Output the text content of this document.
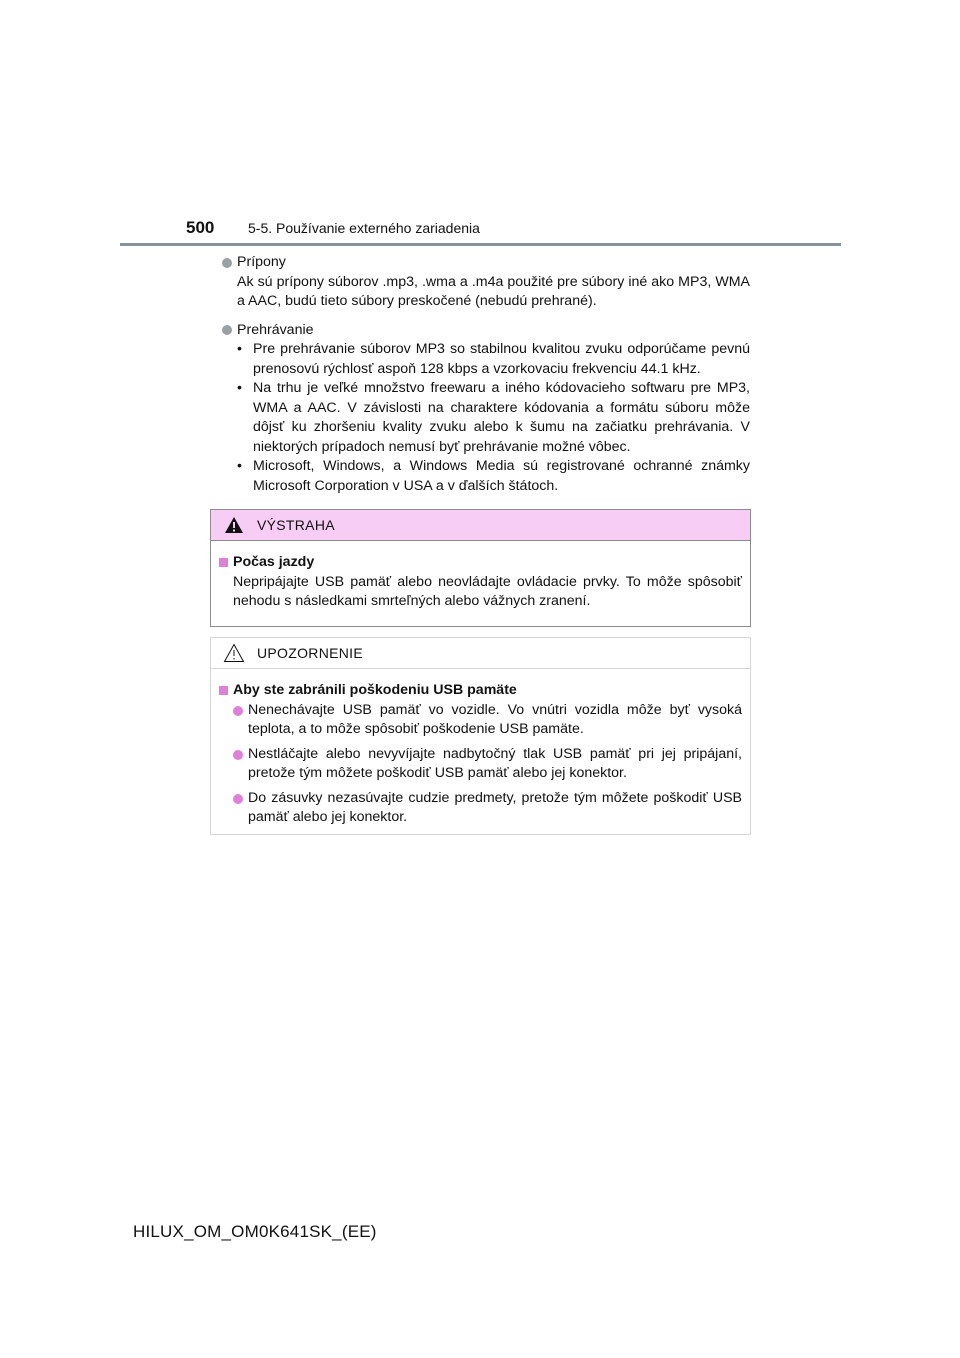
500	5-5. Používanie externého zariadenia
Prípony
Ak sú prípony súborov .mp3, .wma a .m4a použité pre súbory iné ako MP3, WMA a AAC, budú tieto súbory preskočené (nebudú prehrané).
Prehrávanie
• Pre prehrávanie súborov MP3 so stabilnou kvalitou zvuku odporúčame pevnú prenosovú rýchlosť aspoň 128 kbps a vzorkovaciu frekvenciu 44.1 kHz.
• Na trhu je veľké množstvo freewaru a iného kódovacieho softwaru pre MP3, WMA a AAC. V závislosti na charaktere kódovania a formátu súboru môže dôjsť ku zhoršeniu kvality zvuku alebo k šumu na začiatku prehrávania. V niektorých prípadoch nemusí byť prehrávanie možné vôbec.
• Microsoft, Windows, a Windows Media sú registrované ochranné známky Microsoft Corporation v USA a v ďalších štátoch.
VÝSTRAHA
Počas jazdy
Nepripájajte USB pamäť alebo neovládajte ovládacie prvky. To môže spôsobiť nehodu s následkami smrteľných alebo vážnych zranení.
UPOZORNENIE
Aby ste zabránili poškodeniu USB pamäte
Nenechávajte USB pamäť vo vozidle. Vo vnútri vozidla môže byť vysoká teplota, a to môže spôsobiť poškodenie USB pamäte.
Nestláčajte alebo nevyvíjajte nadbytočný tlak USB pamäť pri jej pripájaní, pretože tým môžete poškodiť USB pamäť alebo jej konektor.
Do zásuvky nezasúvajte cudzie predmety, pretože tým môžete poškodiť USB pamäť alebo jej konektor.
HILUX_OM_OM0K641SK_(EE)
